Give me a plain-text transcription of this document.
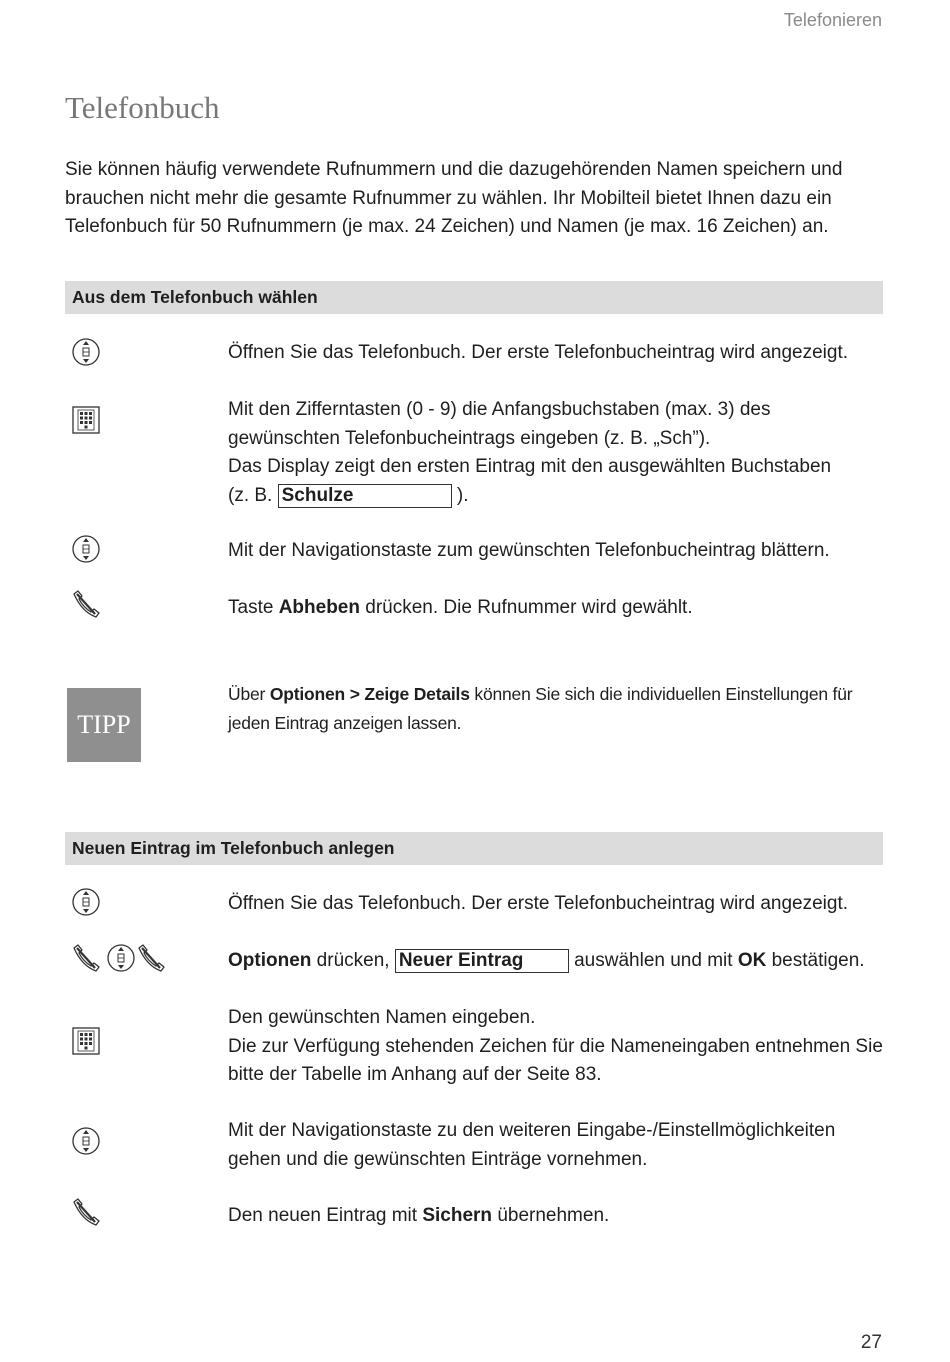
Telefonieren
Telefonbuch

Sie können häufig verwendete Rufnummern und die dazugehörenden Namen speichern und brauchen nicht mehr die gesamte Rufnummer zu wählen. Ihr Mobilteil bietet Ihnen dazu ein Telefonbuch für 50 Rufnummern (je max. 24 Zeichen) und Namen (je max. 16 Zeichen) an.

Aus dem Telefonbuch wählen

Öffnen Sie das Telefonbuch. Der erste Telefonbucheintrag wird angezeigt.

Mit den Zifferntasten (0 - 9) die Anfangsbuchstaben (max. 3) des gewünschten Telefonbucheintrags eingeben (z. B. „Sch”).
Das Display zeigt den ersten Eintrag mit den ausgewählten Buchstaben
(z. B. Schulze	).

Mit der Navigationstaste zum gewünschten Telefonbucheintrag blättern.

Taste Abheben drücken. Die Rufnummer wird gewählt.

TIPP

Über Optionen > Zeige Details können Sie sich die individuellen Einstellungen für jeden Eintrag anzeigen lassen.

Neuen Eintrag im Telefonbuch anlegen

Öffnen Sie das Telefonbuch. Der erste Telefonbucheintrag wird angezeigt.

Optionen drücken, Neuer Eintrag	auswählen und mit OK bestätigen.

Den gewünschten Namen eingeben.
Die zur Verfügung stehenden Zeichen für die Nameneingaben entnehmen Sie bitte der Tabelle im Anhang auf der Seite 83.

Mit der Navigationstaste zu den weiteren Eingabe-/Einstellmöglichkeiten gehen und die gewünschten Einträge vornehmen.

Den neuen Eintrag mit Sichern übernehmen.

27
